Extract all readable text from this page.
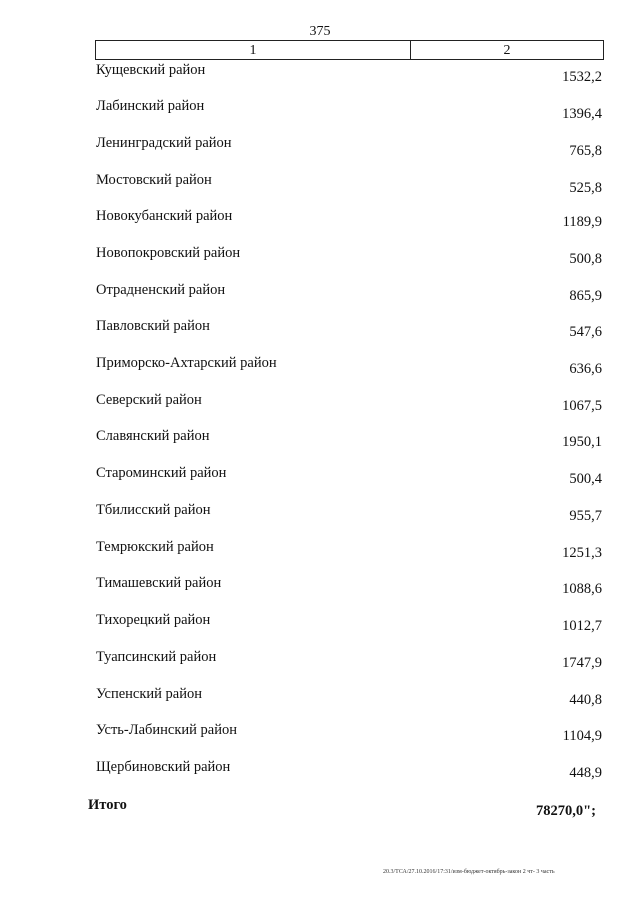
375
1	2
Кущевский район	1532,2
Лабинский район	1396,4
Ленинградский район	765,8
Мостовский район	525,8
Новокубанский район	1189,9
Новопокровский район	500,8
Отрадненский район	865,9
Павловский район	547,6
Приморско-Ахтарский район	636,6
Северский район	1067,5
Славянский район	1950,1
Староминский район	500,4
Тбилисский район	955,7
Темрюкский район	1251,3
Тимашевский район	1088,6
Тихорецкий район	1012,7
Туапсинский район	1747,9
Успенский район	440,8
Усть-Лабинский район	1104,9
Щербиновский район	448,9
Итого	78270,0";
20.3/ТСА/27.10.2016/17:31/изм-бюджет-октябрь-закон 2 чт- 3 часть
